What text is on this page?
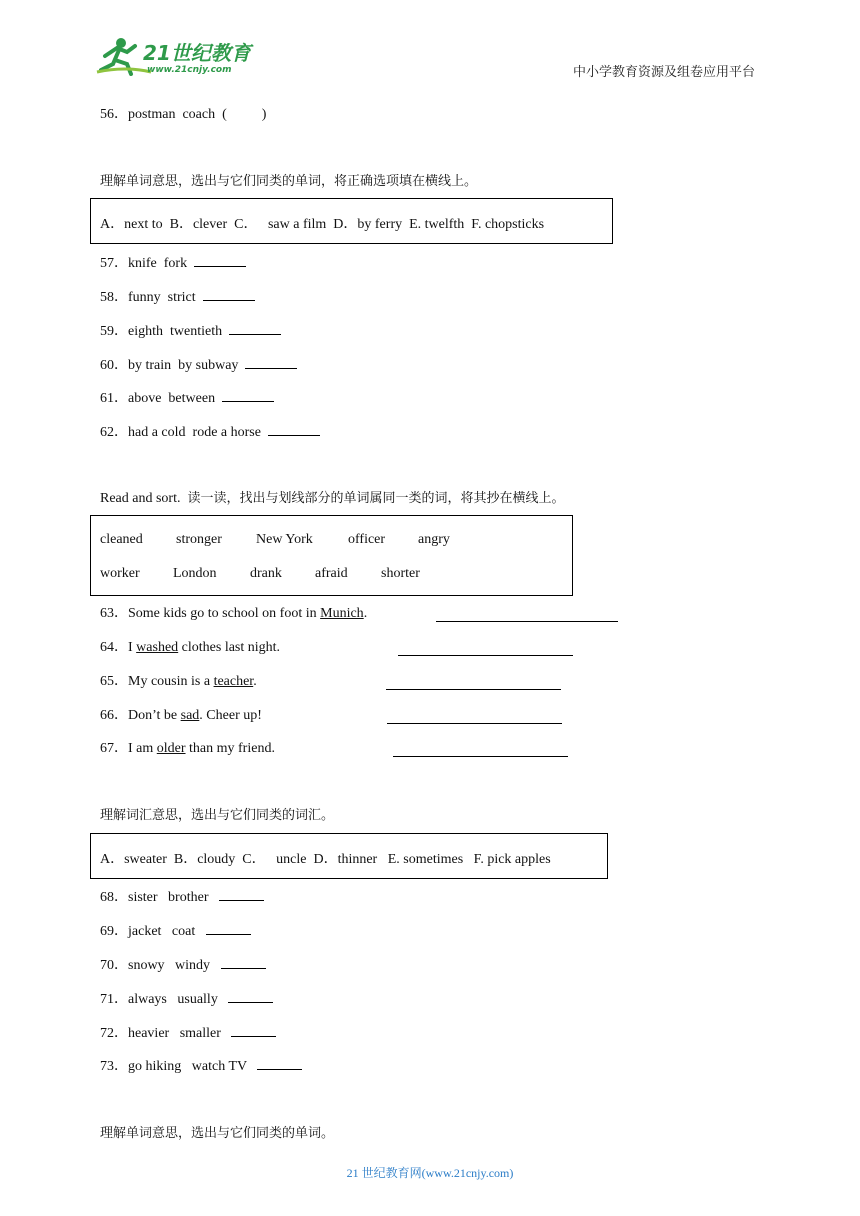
21世纪教育
www.21cnjy.com	中小学教育资源及组卷应用平台
56．postman  coach  (          )
理解单词意思，选出与它们同类的单词，将正确选项填在横线上。
A．next to  B．clever  C．   saw a film  D．by ferry  E. twelfth  F. chopsticks
57．knife  fork
58．funny  strict
59．eighth  twentieth
60．by train  by subway
61．above  between
62．had a cold  rode a horse
Read and sort. 读一读，找出与划线部分的单词属同一类的词，将其抄在横线上。
cleaned stronger New York	officer angry
worker London drank afraid shorter
63．Some kids go to school on foot in Munich.
64．I washed clothes last night.
65．My cousin is a teacher.
66．Don’t be sad. Cheer up!
67．I am older than my friend.
理解词汇意思，选出与它们同类的词汇。
A．sweater  B．cloudy  C．   uncle  D．thinner   E. sometimes   F. pick apples
68．sister   brother
69．jacket   coat
70．snowy   windy
71．always   usually
72．heavier   smaller
73．go hiking   watch TV
理解单词意思，选出与它们同类的单词。
21 世纪教育网(www.21cnjy.com)
